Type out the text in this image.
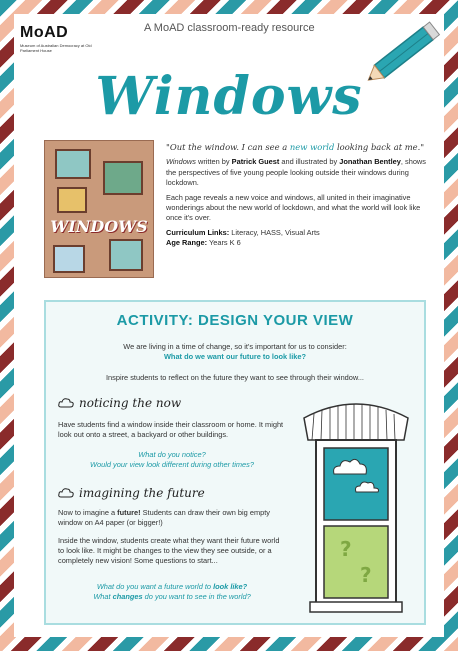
MoAD
Museum of Australian Democracy at Old Parliament House
A MoAD classroom-ready resource
Windows
WINDOWS
"Out the window. I can see a new world looking back at me."

Windows written by Patrick Guest and illustrated by Jonathan Bentley, shows the perspectives of five young people looking outside their windows during lockdown.

Each page reveals a new voice and windows, all united in their imaginative wonderings about the new world of lockdown, and what the world will look like once it's over.

Curriculum Links: Literacy, HASS, Visual Arts
Age Range: Years K 6
ACTIVITY: DESIGN YOUR VIEW
We are living in a time of change, so it's important for us to consider:
What do we want our future to look like?
Inspire students to reflect on the future they want to see through their window...
noticing the now
Have students find a window inside their classroom or home. It might look out onto a street, a backyard or other buildings.
What do you notice?
Would your view look different during other times?
imagining the future
Now to imagine a future! Students can draw their own big empty window on A4 paper (or bigger!)
Inside the window, students create what they want their future world to look like. It might be changes to the view they see outside, or a completely new vision! Some questions to start...
What do you want a future world to look like?
What changes do you want to see in the world?
?
?
